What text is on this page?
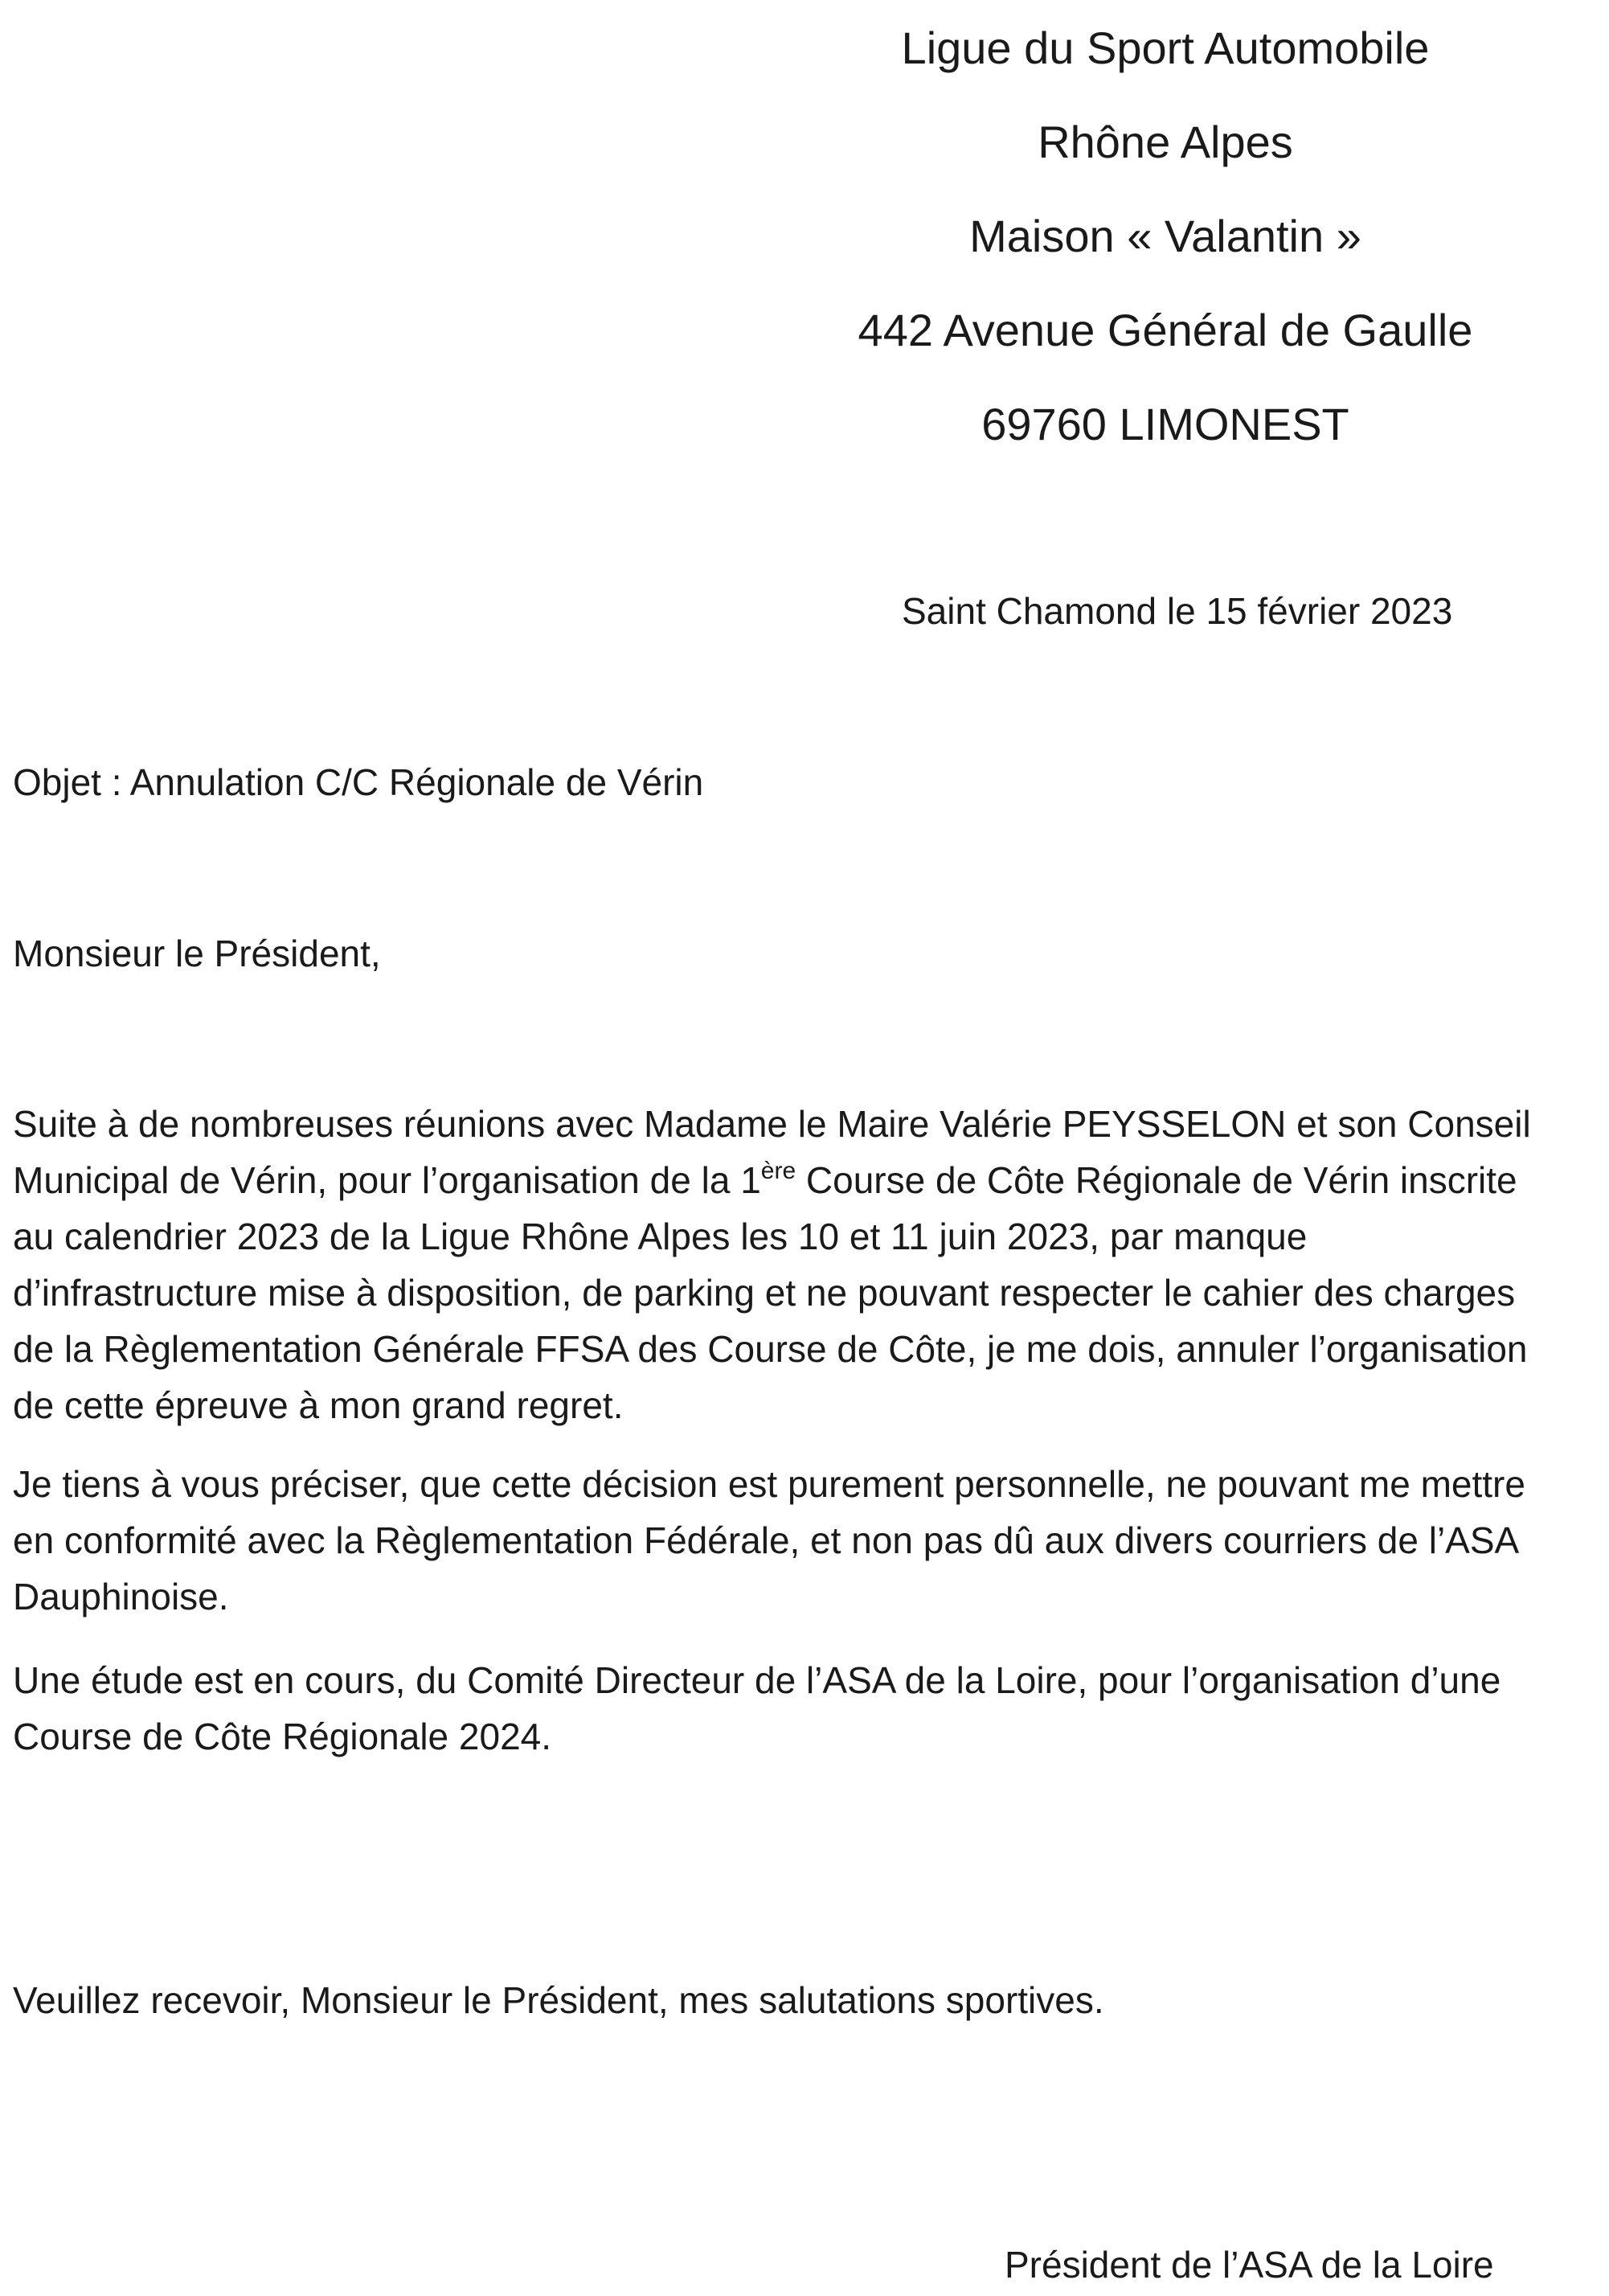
Ligue du Sport Automobile
Rhône Alpes
Maison « Valantin »
442 Avenue Général de Gaulle
69760 LIMONEST
Saint Chamond le 15 février 2023
Objet : Annulation C/C Régionale de Vérin
Monsieur le Président,

Suite à de nombreuses réunions avec Madame le Maire Valérie PEYSSELON et son Conseil
Municipal de Vérin, pour l’organisation de la 1ère Course de Côte Régionale de Vérin inscrite
au calendrier 2023 de la Ligue Rhône Alpes les 10 et 11 juin 2023, par manque
d’infrastructure mise à disposition, de parking et ne pouvant respecter le cahier des charges
de la Règlementation Générale FFSA des Course de Côte, je me dois, annuler l’organisation
de cette épreuve à mon grand regret.

Je tiens à vous préciser, que cette décision est purement personnelle, ne pouvant me mettre
en conformité avec la Règlementation Fédérale, et non pas dû aux divers courriers de l’ASA
Dauphinoise.

Une étude est en cours, du Comité Directeur de l’ASA de la Loire, pour l’organisation d’une
Course de Côte Régionale 2024.

Veuillez recevoir, Monsieur le Président, mes salutations sportives.
Président de l’ASA de la Loire
